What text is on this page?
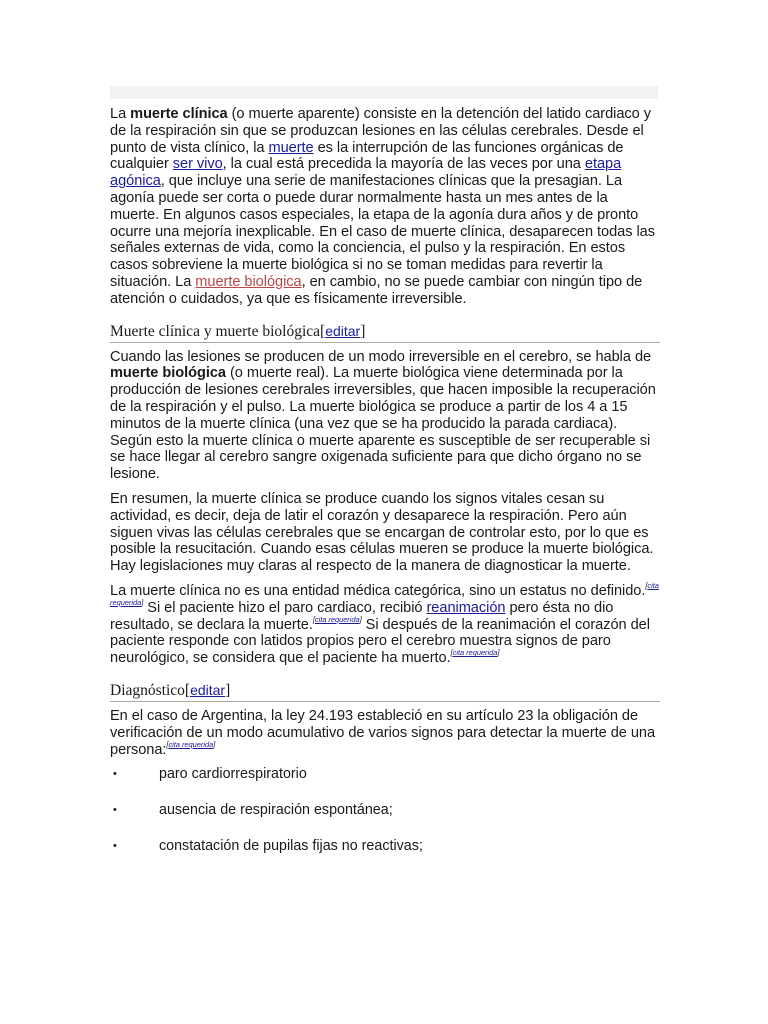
La muerte clínica (o muerte aparente) consiste en la detención del latido cardiaco y de la respiración sin que se produzcan lesiones en las células cerebrales. Desde el punto de vista clínico, la muerte es la interrupción de las funciones orgánicas de cualquier ser vivo, la cual está precedida la mayoría de las veces por una etapa agónica, que incluye una serie de manifestaciones clínicas que la presagian. La agonía puede ser corta o puede durar normalmente hasta un mes antes de la muerte. En algunos casos especiales, la etapa de la agonía dura años y de pronto ocurre una mejoría inexplicable. En el caso de muerte clínica, desaparecen todas las señales externas de vida, como la conciencia, el pulso y la respiración. En estos casos sobreviene la muerte biológica si no se toman medidas para revertir la situación. La muerte biológica, en cambio, no se puede cambiar con ningún tipo de atención o cuidados, ya que es físicamente irreversible.

Muerte clínica y muerte biológica[editar]

Cuando las lesiones se producen de un modo irreversible en el cerebro, se habla de muerte biológica (o muerte real). La muerte biológica viene determinada por la producción de lesiones cerebrales irreversibles, que hacen imposible la recuperación de la respiración y el pulso. La muerte biológica se produce a partir de los 4 a 15 minutos de la muerte clínica (una vez que se ha producido la parada cardiaca). Según esto la muerte clínica o muerte aparente es susceptible de ser recuperable si se hace llegar al cerebro sangre oxigenada suficiente para que dicho órgano no se lesione.

En resumen, la muerte clínica se produce cuando los signos vitales cesan su actividad, es decir, deja de latir el corazón y desaparece la respiración. Pero aún siguen vivas las células cerebrales que se encargan de controlar esto, por lo que es posible la resucitación. Cuando esas células mueren se produce la muerte biológica. Hay legislaciones muy claras al respecto de la manera de diagnosticar la muerte.

La muerte clínica no es una entidad médica categórica, sino un estatus no definido.[cita requerida] Si el paciente hizo el paro cardiaco, recibió reanimación pero ésta no dio resultado, se declara la muerte.[cita requerida] Si después de la reanimación el corazón del paciente responde con latidos propios pero el cerebro muestra signos de paro neurológico, se considera que el paciente ha muerto.[cita requerida]

Diagnóstico[editar]

En el caso de Argentina, la ley 24.193 estableció en su artículo 23 la obligación de verificación de un modo acumulativo de varios signos para detectar la muerte de una persona:[cita requerida]

•	paro cardiorrespiratorio
•	ausencia de respiración espontánea;
•	constatación de pupilas fijas no reactivas;
